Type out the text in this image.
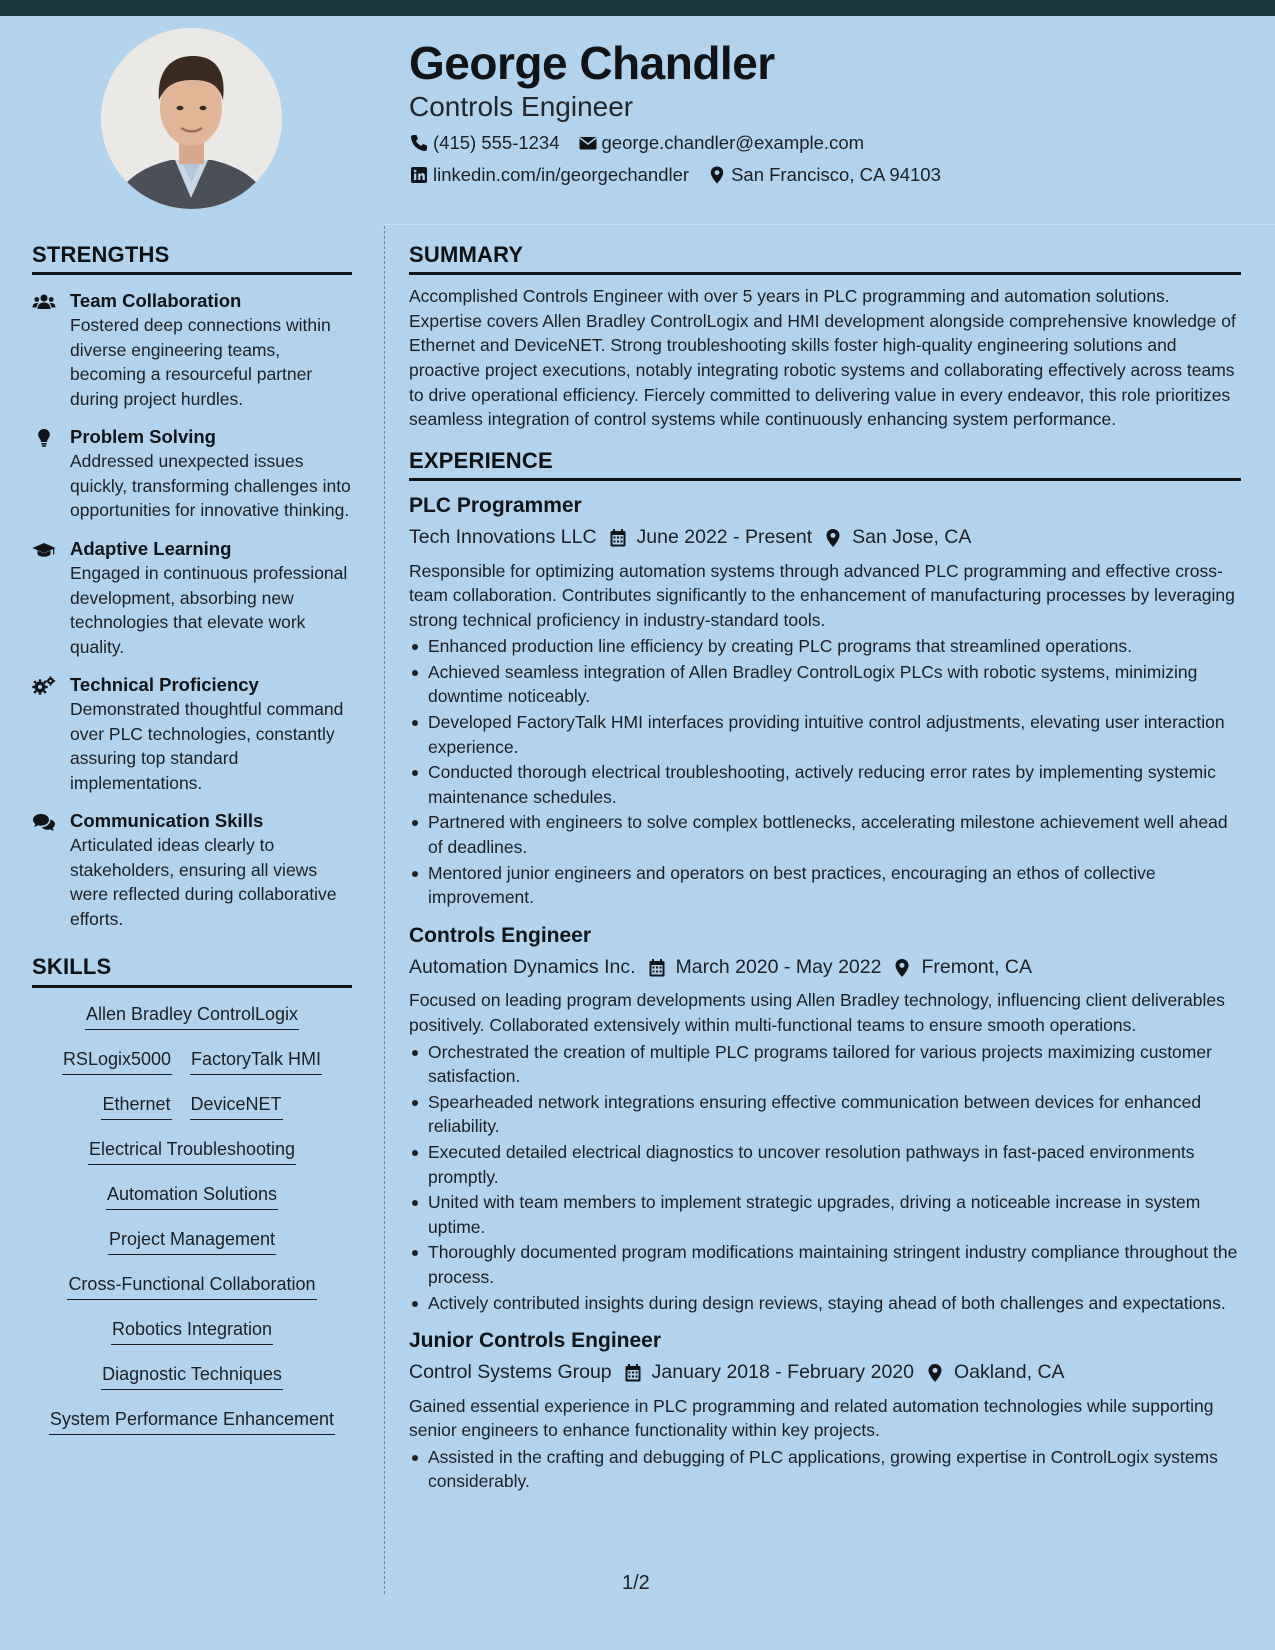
George Chandler
Controls Engineer
(415) 555-1234 george.chandler@example.com
linkedin.com/in/georgechandler San Francisco, CA 94103
STRENGTHS
Team Collaboration
Fostered deep connections within diverse engineering teams, becoming a resourceful partner during project hurdles.
Problem Solving
Addressed unexpected issues quickly, transforming challenges into opportunities for innovative thinking.
Adaptive Learning
Engaged in continuous professional development, absorbing new technologies that elevate work quality.
Technical Proficiency
Demonstrated thoughtful command over PLC technologies, constantly assuring top standard implementations.
Communication Skills
Articulated ideas clearly to stakeholders, ensuring all views were reflected during collaborative efforts.
SKILLS
Allen Bradley ControlLogix
RSLogix5000 FactoryTalk HMI
Ethernet DeviceNET
Electrical Troubleshooting
Automation Solutions
Project Management
Cross-Functional Collaboration
Robotics Integration
Diagnostic Techniques
System Performance Enhancement
SUMMARY
Accomplished Controls Engineer with over 5 years in PLC programming and automation solutions. Expertise covers Allen Bradley ControlLogix and HMI development alongside comprehensive knowledge of Ethernet and DeviceNET. Strong troubleshooting skills foster high-quality engineering solutions and proactive project executions, notably integrating robotic systems and collaborating effectively across teams to drive operational efficiency. Fiercely committed to delivering value in every endeavor, this role prioritizes seamless integration of control systems while continuously enhancing system performance.
EXPERIENCE
PLC Programmer
Tech Innovations LLC June 2022 - Present San Jose, CA
Responsible for optimizing automation systems through advanced PLC programming and effective cross-team collaboration. Contributes significantly to the enhancement of manufacturing processes by leveraging strong technical proficiency in industry-standard tools.
Enhanced production line efficiency by creating PLC programs that streamlined operations.
Achieved seamless integration of Allen Bradley ControlLogix PLCs with robotic systems, minimizing downtime noticeably.
Developed FactoryTalk HMI interfaces providing intuitive control adjustments, elevating user interaction experience.
Conducted thorough electrical troubleshooting, actively reducing error rates by implementing systemic maintenance schedules.
Partnered with engineers to solve complex bottlenecks, accelerating milestone achievement well ahead of deadlines.
Mentored junior engineers and operators on best practices, encouraging an ethos of collective improvement.
Controls Engineer
Automation Dynamics Inc. March 2020 - May 2022 Fremont, CA
Focused on leading program developments using Allen Bradley technology, influencing client deliverables positively. Collaborated extensively within multi-functional teams to ensure smooth operations.
Orchestrated the creation of multiple PLC programs tailored for various projects maximizing customer satisfaction.
Spearheaded network integrations ensuring effective communication between devices for enhanced reliability.
Executed detailed electrical diagnostics to uncover resolution pathways in fast-paced environments promptly.
United with team members to implement strategic upgrades, driving a noticeable increase in system uptime.
Thoroughly documented program modifications maintaining stringent industry compliance throughout the process.
Actively contributed insights during design reviews, staying ahead of both challenges and expectations.
Junior Controls Engineer
Control Systems Group January 2018 - February 2020 Oakland, CA
Gained essential experience in PLC programming and related automation technologies while supporting senior engineers to enhance functionality within key projects.
Assisted in the crafting and debugging of PLC applications, growing expertise in ControlLogix systems considerably.
1/2
